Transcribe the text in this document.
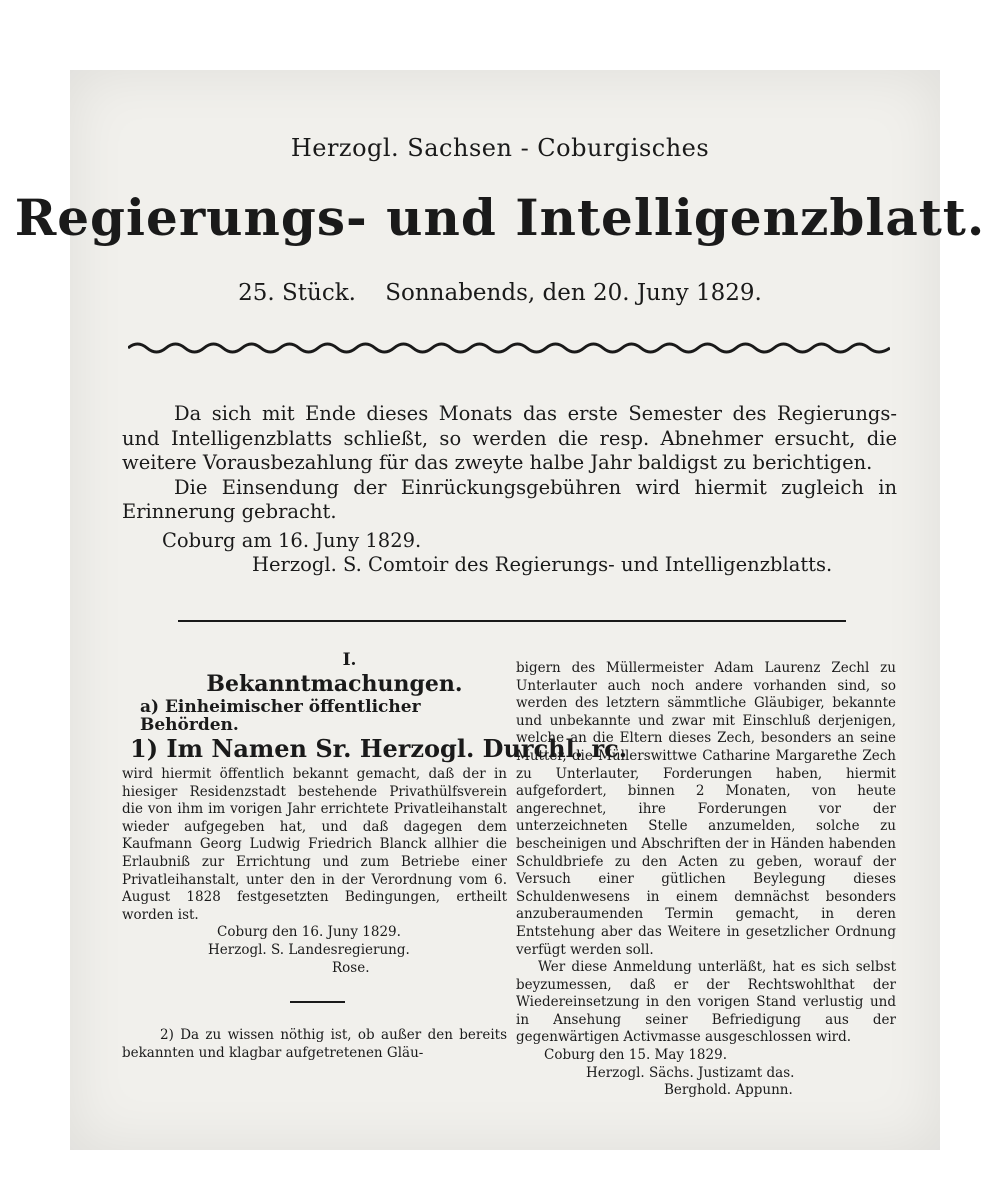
Herzogl. Sachsen - Coburgisches
Regierungs- und Intelligenzblatt.
25. Stück. Sonnabends, den 20. Juny 1829.

Da sich mit Ende dieses Monats das erste Semester des Regierungs- und Intelligenzblatts schließt, so werden die resp. Abnehmer ersucht, die weitere Vorausbezahlung für das zweyte halbe Jahr baldigst zu berichtigen.

Die Einsendung der Einrückungsgebühren wird hiermit zugleich in Erinnerung gebracht.

Coburg am 16. Juny 1829.

Herzogl. S. Comtoir des Regierungs- und Intelligenzblatts.

I.
Bekanntmachungen.
a) Einheimischer öffentlicher Behörden.
1) Im Namen Sr. Herzogl. Durchl. rc.

wird hiermit öffentlich bekannt gemacht, daß der in hiesiger Residenzstadt bestehende Privathülfsverein die von ihm im vorigen Jahr errichtete Privatleihanstalt wieder aufgegeben hat, und daß dagegen dem Kaufmann Georg Ludwig Friedrich Blanck allhier die Erlaubniß zur Errichtung und zum Betriebe einer Privatleihanstalt, unter den in der Verordnung vom 6. August 1828 festgesetzten Bedingungen, ertheilt worden ist.

Coburg den 16. Juny 1829.

Herzogl. S. Landesregierung.

Rose.

2) Da zu wissen nöthig ist, ob außer den bereits bekannten und klagbar aufgetretenen Gläu-

bigern des Müllermeister Adam Laurenz Zechl zu Unterlauter auch noch andere vorhanden sind, so werden des letztern sämmtliche Gläubiger, bekannte und unbekannte und zwar mit Einschluß derjenigen, welche an die Eltern dieses Zech, besonders an seine Mutter, die Müllerswittwe Catharine Margarethe Zech zu Unterlauter, Forderungen haben, hiermit aufgefordert, binnen 2 Monaten, von heute angerechnet, ihre Forderungen vor der unterzeichneten Stelle anzumelden, solche zu bescheinigen und Abschriften der in Händen habenden Schuldbriefe zu den Acten zu geben, worauf der Versuch einer gütlichen Beylegung dieses Schuldenwesens in einem demnächst besonders anzuberaumenden Termin gemacht, in deren Entstehung aber das Weitere in gesetzlicher Ordnung verfügt werden soll.

Wer diese Anmeldung unterläßt, hat es sich selbst beyzumessen, daß er der Rechtswohlthat der Wiedereinsetzung in den vorigen Stand verlustig und in Ansehung seiner Befriedigung aus der gegenwärtigen Activmasse ausgeschlossen wird.

Coburg den 15. May 1829.

Herzogl. Sächs. Justizamt das.

Berghold. Appunn.
